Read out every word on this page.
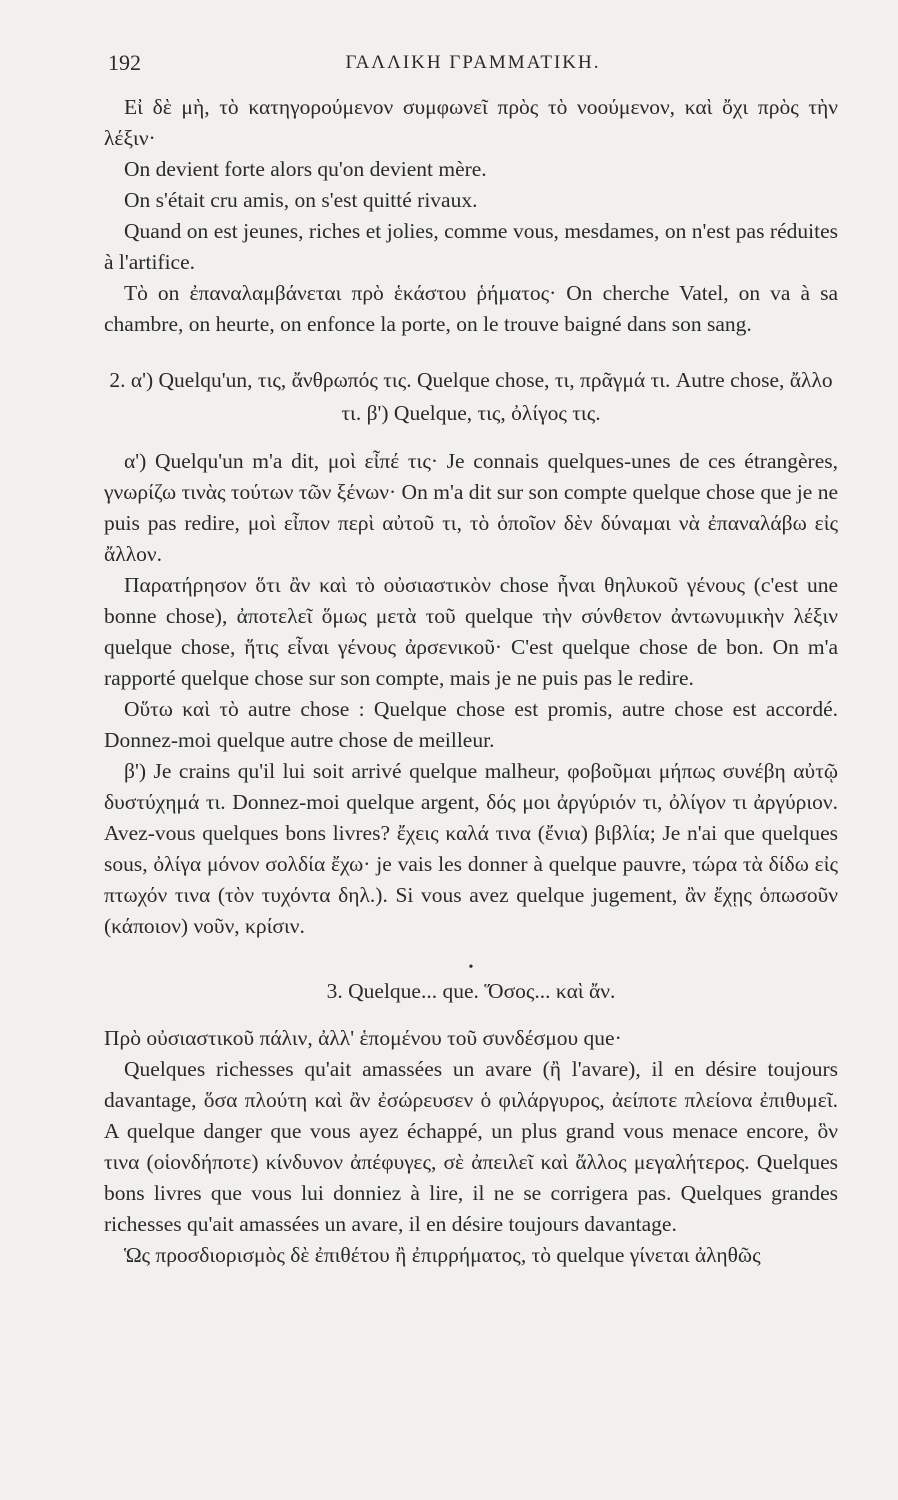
192	ΓΑΛΛΙΚΗ ΓΡΑΜΜΑΤΙΚΗ.

Εἰ δὲ μὴ, τὸ κατηγορούμενον συμφωνεῖ πρὸς τὸ νοούμενον, καὶ ὄχι πρὸς τὴν λέξιν·

On devient forte alors qu'on devient mère.

On s'était cru amis, on s'est quitté rivaux.

Quand on est jeunes, riches et jolies, comme vous, mesdames, on n'est pas réduites à l'artifice.

Τὸ on ἐπαναλαμβάνεται πρὸ ἑκάστου ῥήματος· On cherche Vatel, on va à sa chambre, on heurte, on enfonce la porte, on le trouve baigné dans son sang.

2. α') Quelqu'un, τις, ἄνθρωπός τις. Quelque chose, τι, πρᾶγμά τι. Autre chose, ἄλλο τι. β') Quelque, τις, ὀλίγος τις.

α') Quelqu'un m'a dit, μοὶ εἶπέ τις· Je connais quelques-unes de ces étrangères, γνωρίζω τινὰς τούτων τῶν ξένων· On m'a dit sur son compte quelque chose que je ne puis pas redire, μοὶ εἶπον περὶ αὐτοῦ τι, τὸ ὁποῖον δὲν δύναμαι νὰ ἐπαναλάβω εἰς ἄλλον.

Παρατήρησον ὅτι ἂν καὶ τὸ οὐσιαστικὸν chose ἦναι θηλυκοῦ γένους (c'est une bonne chose), ἀποτελεῖ ὅμως μετὰ τοῦ quelque τὴν σύνθετον ἀντωνυμικὴν λέξιν quelque chose, ἥτις εἶναι γένους ἀρσενικοῦ· C'est quelque chose de bon. On m'a rapporté quelque chose sur son compte, mais je ne puis pas le redire.

Οὕτω καὶ τὸ autre chose : Quelque chose est promis, autre chose est accordé. Donnez-moi quelque autre chose de meilleur.

β') Je crains qu'il lui soit arrivé quelque malheur, φοβοῦμαι μήπως συνέβη αὐτῷ δυστύχημά τι. Donnez-moi quelque argent, δός μοι ἀργύριόν τι, ὀλίγον τι ἀργύριον. Avez-vous quelques bons livres? ἔχεις καλά τινα (ἔνια) βιβλία; Je n'ai que quelques sous, ὀλίγα μόνον σολδία ἔχω· je vais les donner à quelque pauvre, τώρα τὰ δίδω εἰς πτωχόν τινα (τὸν τυχόντα δηλ.). Si vous avez quelque jugement, ἂν ἔχῃς ὁπωσοῦν (κάποιον) νοῦν, κρίσιν.

•

3. Quelque... que. Ὅσος... καὶ ἄν.

Πρὸ οὐσιαστικοῦ πάλιν, ἀλλ' ἑπομένου τοῦ συνδέσμου que·

Quelques richesses qu'ait amassées un avare (ἢ l'avare), il en désire toujours davantage, ὅσα πλούτη καὶ ἂν ἐσώρευσεν ὁ φιλάργυρος, ἀείποτε πλείονα ἐπιθυμεῖ. A quelque danger que vous ayez échappé, un plus grand vous menace encore, ὃν τινα (οἱονδήποτε) κίνδυνον ἀπέφυγες, σὲ ἀπειλεῖ καὶ ἄλλος μεγαλήτερος. Quelques bons livres que vous lui donniez à lire, il ne se corrigera pas. Quelques grandes richesses qu'ait amassées un avare, il en désire toujours davantage.

Ὡς προσδιορισμὸς δὲ ἐπιθέτου ἢ ἐπιρρήματος, τὸ quelque γίνεται ἀληθῶς
